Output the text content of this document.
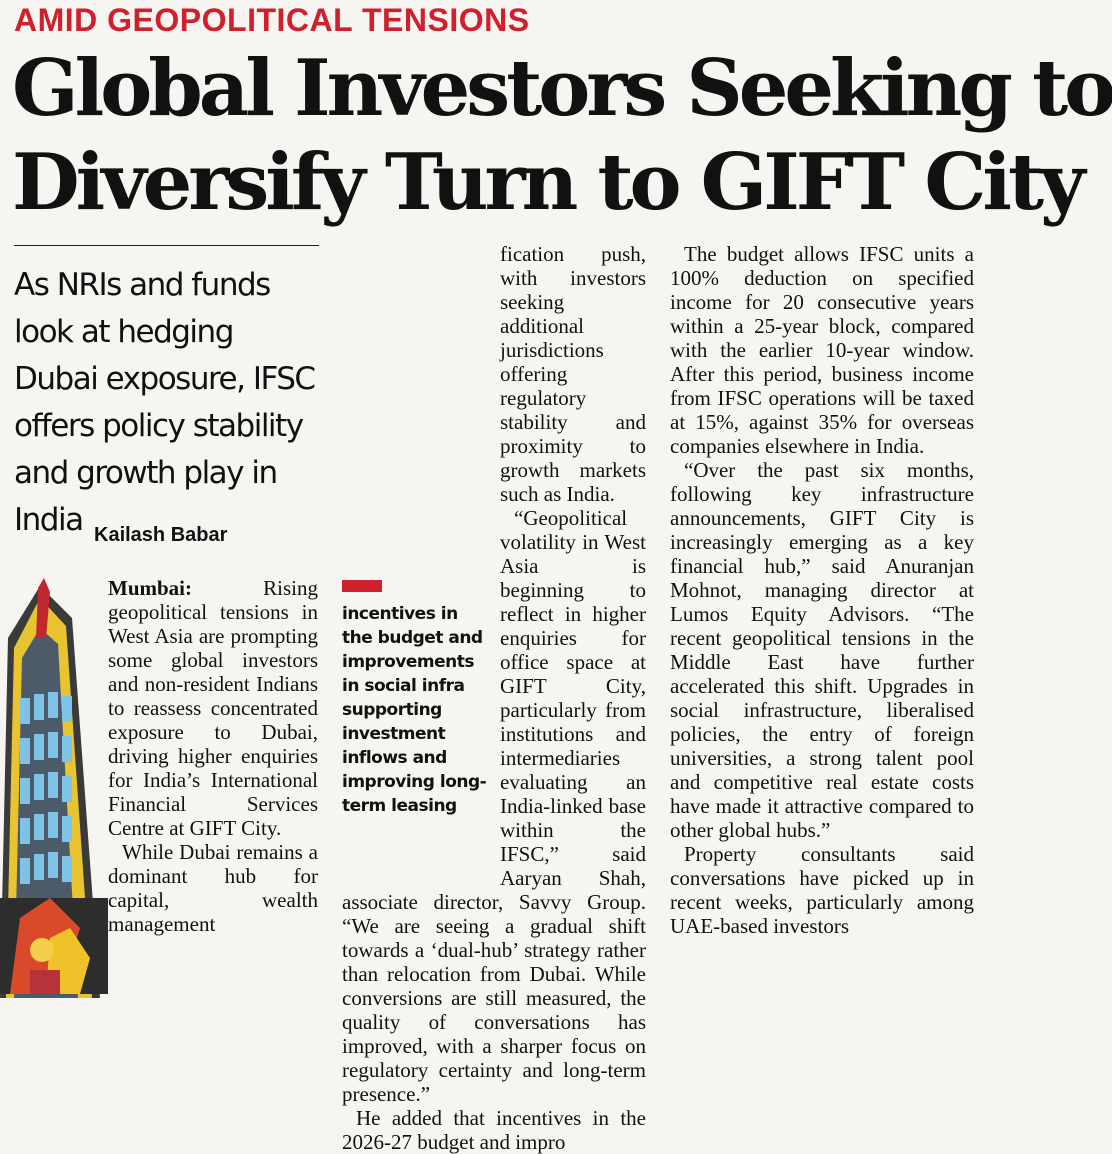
AMID GEOPOLITICAL TENSIONS
Global Investors Seeking to
Diversify Turn to GIFT City
As NRIs and funds look at hedging Dubai exposure, IFSC offers policy stability and growth play in India Kailash Babar

Mumbai:	Rising geopolitical tensions in West Asia are prompting some global investors and non-resident Indians to reassess concentrated exposure to Dubai, driving higher enquiries for India’s International Financial Services Centre at GIFT City.

While Dubai remains a dominant hub for capital, wealth management

fication push, with investors seeking additional jurisdictions offering regulatory stability and proximity to growth markets such as India.

“Geopolitical volatility in West Asia is beginning to reflect in higher enquiries for office space at GIFT City, particularly from institutions and intermediaries evaluating an India-linked base within the IFSC,” said Aaryan Shah, associate director, Savvy Group. “We are seeing a gradual shift towards a ‘dual-hub’ strategy rather than relocation from Dubai. While conversions are still measured, the quality of conversations has improved, with a sharper focus on regulatory certainty and long-term presence.”

He added that incentives in the 2026-27 budget and impro

incentives in the budget and improvements in social infra supporting investment inflows and improving long-term leasing

The budget allows IFSC units a 100% deduction on specified income for 20 consecutive years within a 25-year block, compared with the earlier 10-year window. After this period, business income from IFSC operations will be taxed at 15%, against 35% for overseas companies elsewhere in India.

“Over the past six months, following key infrastructure announcements, GIFT City is increasingly emerging as a key financial hub,” said Anuranjan Mohnot, managing director at Lumos Equity Advisors. “The recent geopolitical tensions in the Middle East have further accelerated this shift. Upgrades in social infrastructure, liberalised policies, the entry of foreign universities, a strong talent pool and competitive real estate costs have made it attractive compared to other global hubs.”

Property consultants said conversations have picked up in recent weeks, particularly among UAE-based investors
